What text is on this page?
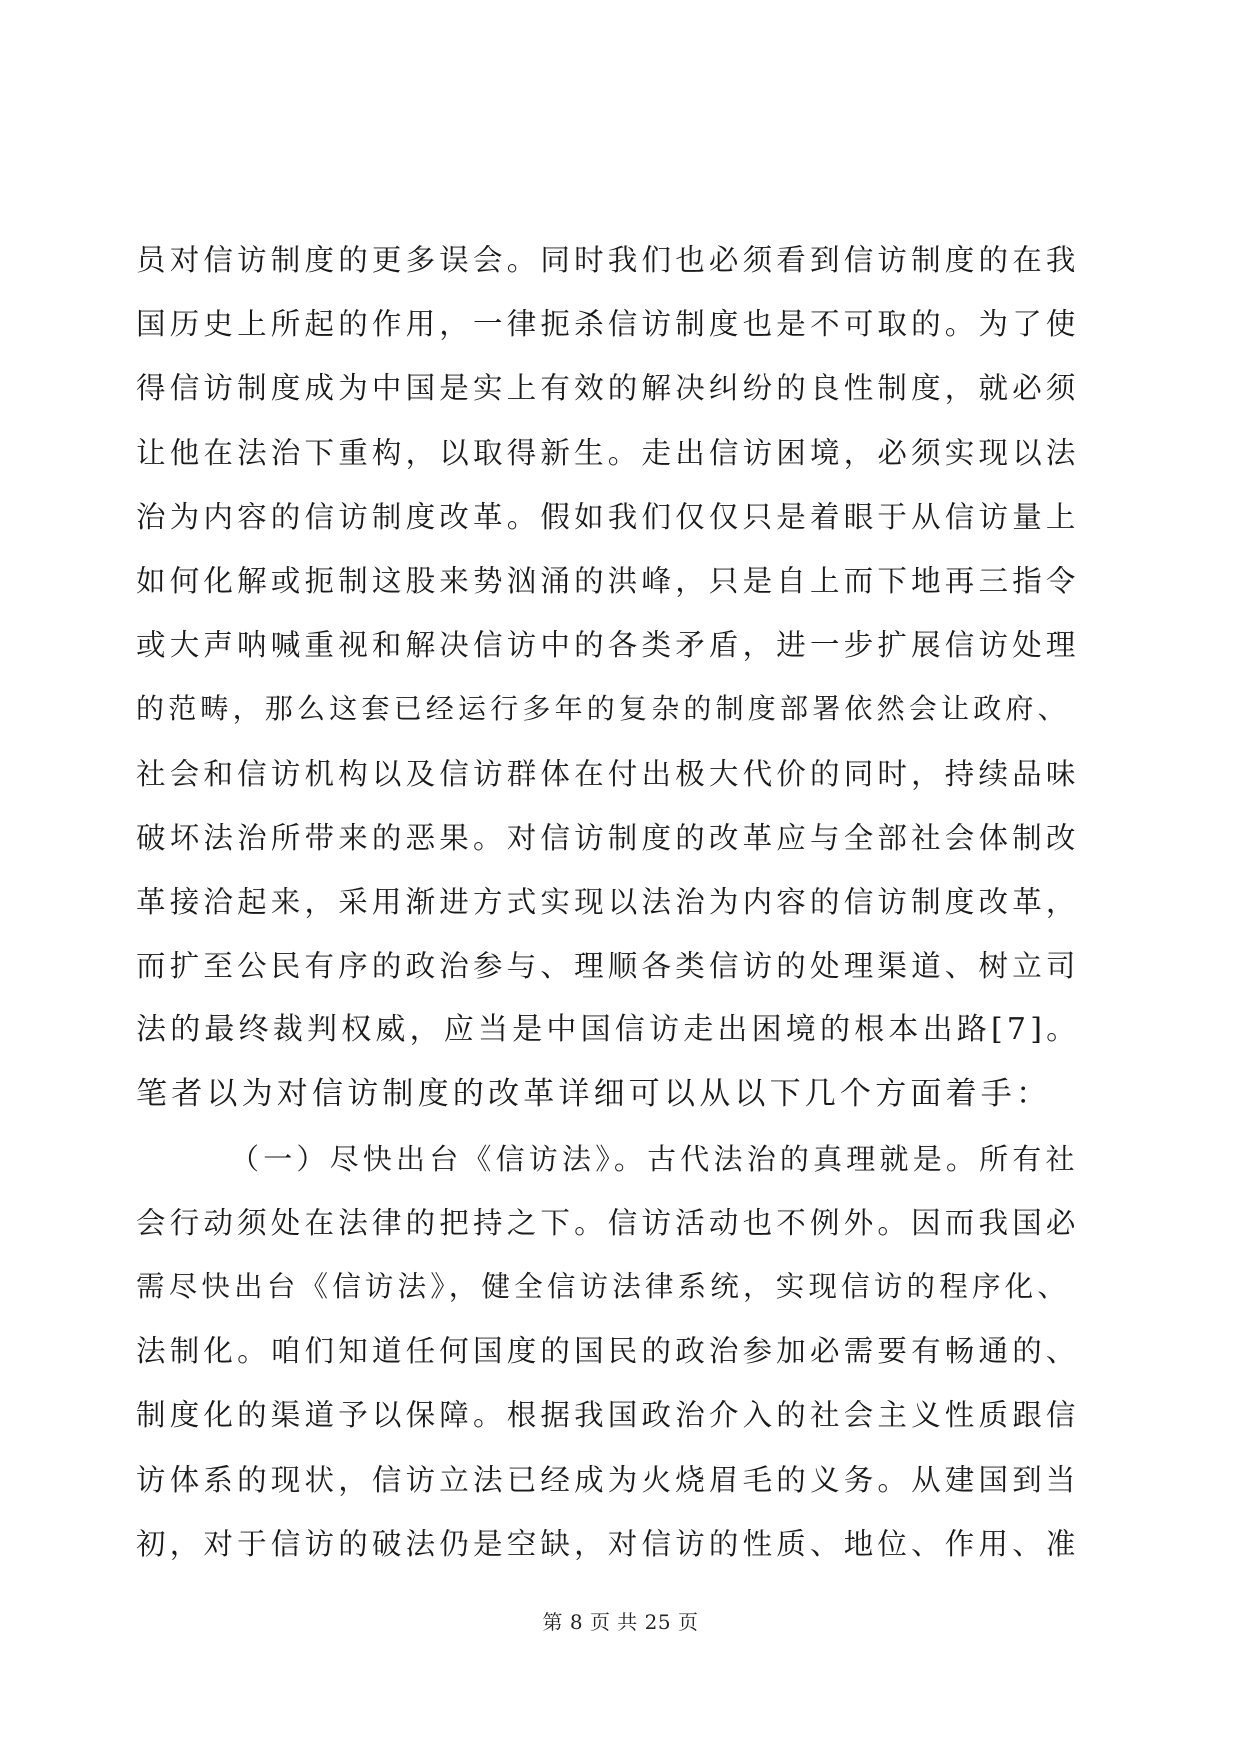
员对信访制度的更多误会。同时我们也必须看到信访制度的在我
国历史上所起的作用，一律扼杀信访制度也是不可取的。为了使
得信访制度成为中国是实上有效的解决纠纷的良性制度，就必须
让他在法治下重构，以取得新生。走出信访困境，必须实现以法
治为内容的信访制度改革。假如我们仅仅只是着眼于从信访量上
如何化解或扼制这股来势汹涌的洪峰，只是自上而下地再三指令
或大声呐喊重视和解决信访中的各类矛盾，进一步扩展信访处理
的范畴，那么这套已经运行多年的复杂的制度部署依然会让政府、
社会和信访机构以及信访群体在付出极大代价的同时，持续品味
破坏法治所带来的恶果。对信访制度的改革应与全部社会体制改
革接洽起来，采用渐进方式实现以法治为内容的信访制度改革，
而扩至公民有序的政治参与、理顺各类信访的处理渠道、树立司
法的最终裁判权威，应当是中国信访走出困境的根本出路[7]。
笔者以为对信访制度的改革详细可以从以下几个方面着手：
（一）尽快出台《信访法》。古代法治的真理就是。所有社
会行动须处在法律的把持之下。信访活动也不例外。因而我国必
需尽快出台《信访法》，健全信访法律系统，实现信访的程序化、
法制化。咱们知道任何国度的国民的政治参加必需要有畅通的、
制度化的渠道予以保障。根据我国政治介入的社会主义性质跟信
访体系的现状，信访立法已经成为火烧眉毛的义务。从建国到当
初，对于信访的破法仍是空缺，对信访的性质、地位、作用、准
第 8 页 共 25 页
